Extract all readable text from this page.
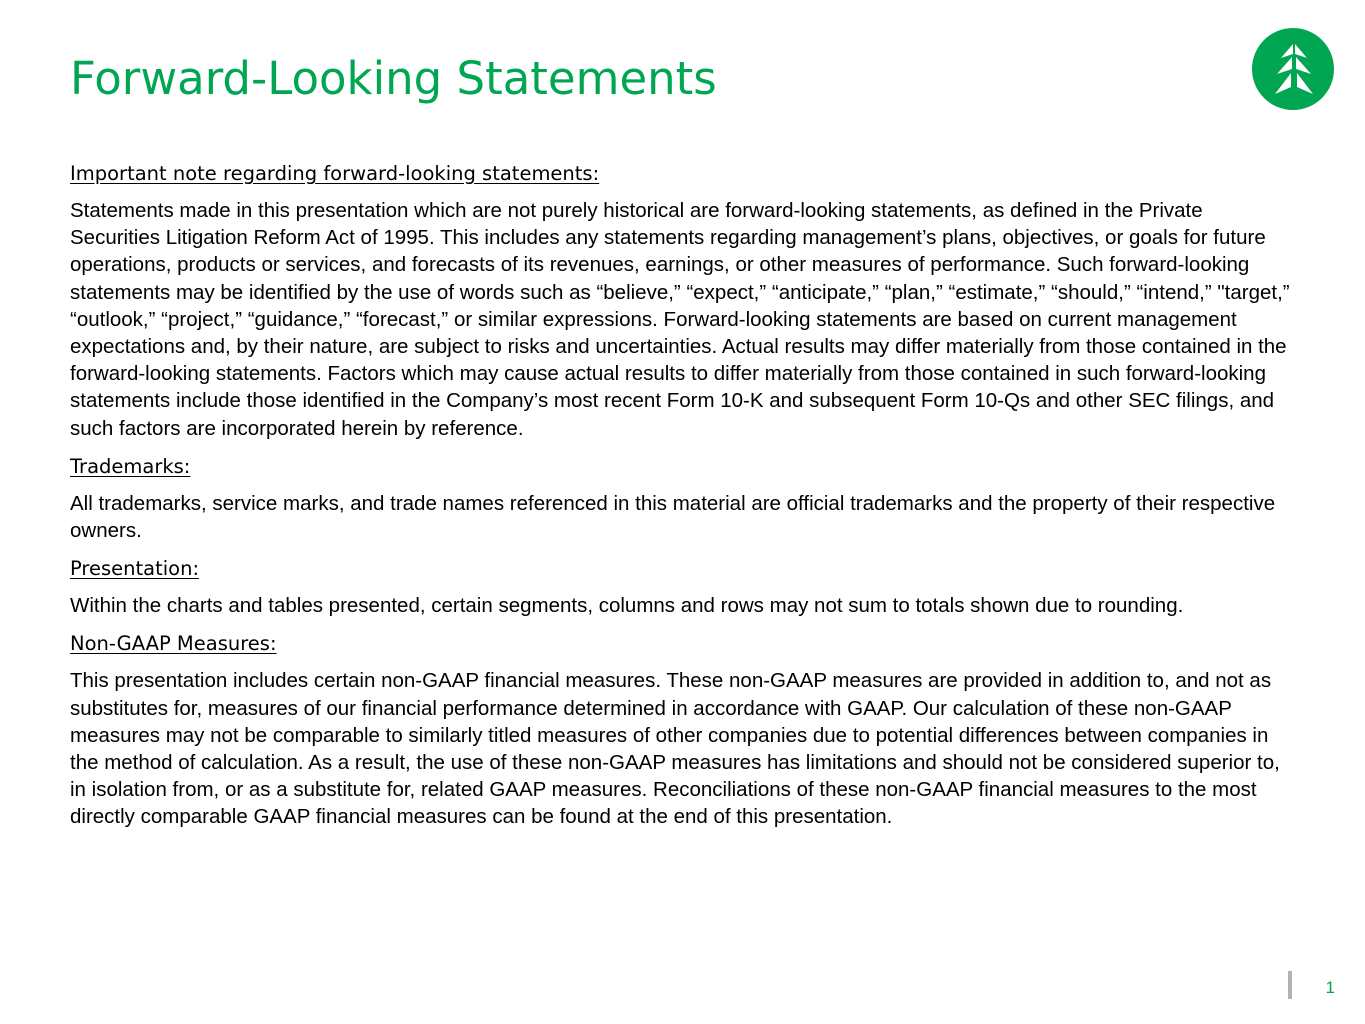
Forward-Looking Statements

Important note regarding forward-looking statements:

Statements made in this presentation which are not purely historical are forward-looking statements, as defined in the Private Securities Litigation Reform Act of 1995. This includes any statements regarding management’s plans, objectives, or goals for future operations, products or services, and forecasts of its revenues, earnings, or other measures of performance. Such forward-looking statements may be identified by the use of words such as “believe,” “expect,” “anticipate,” “plan,” “estimate,” “should,” “intend,” "target,” “outlook,” “project,” “guidance,” “forecast,” or similar expressions. Forward-looking statements are based on current management expectations and, by their nature, are subject to risks and uncertainties. Actual results may differ materially from those contained in the forward-looking statements. Factors which may cause actual results to differ materially from those contained in such forward-looking statements include those identified in the Company’s most recent Form 10-K and subsequent Form 10-Qs and other SEC filings, and such factors are incorporated herein by reference.

Trademarks:

All trademarks, service marks, and trade names referenced in this material are official trademarks and the property of their respective owners.

Presentation:

Within the charts and tables presented, certain segments, columns and rows may not sum to totals shown due to rounding.

Non-GAAP Measures:

This presentation includes certain non-GAAP financial measures. These non-GAAP measures are provided in addition to, and not as substitutes for, measures of our financial performance determined in accordance with GAAP. Our calculation of these non-GAAP measures may not be comparable to similarly titled measures of other companies due to potential differences between companies in the method of calculation. As a result, the use of these non-GAAP measures has limitations and should not be considered superior to, in isolation from, or as a substitute for, related GAAP measures. Reconciliations of these non-GAAP financial measures to the most directly comparable GAAP financial measures can be found at the end of this presentation.

1
